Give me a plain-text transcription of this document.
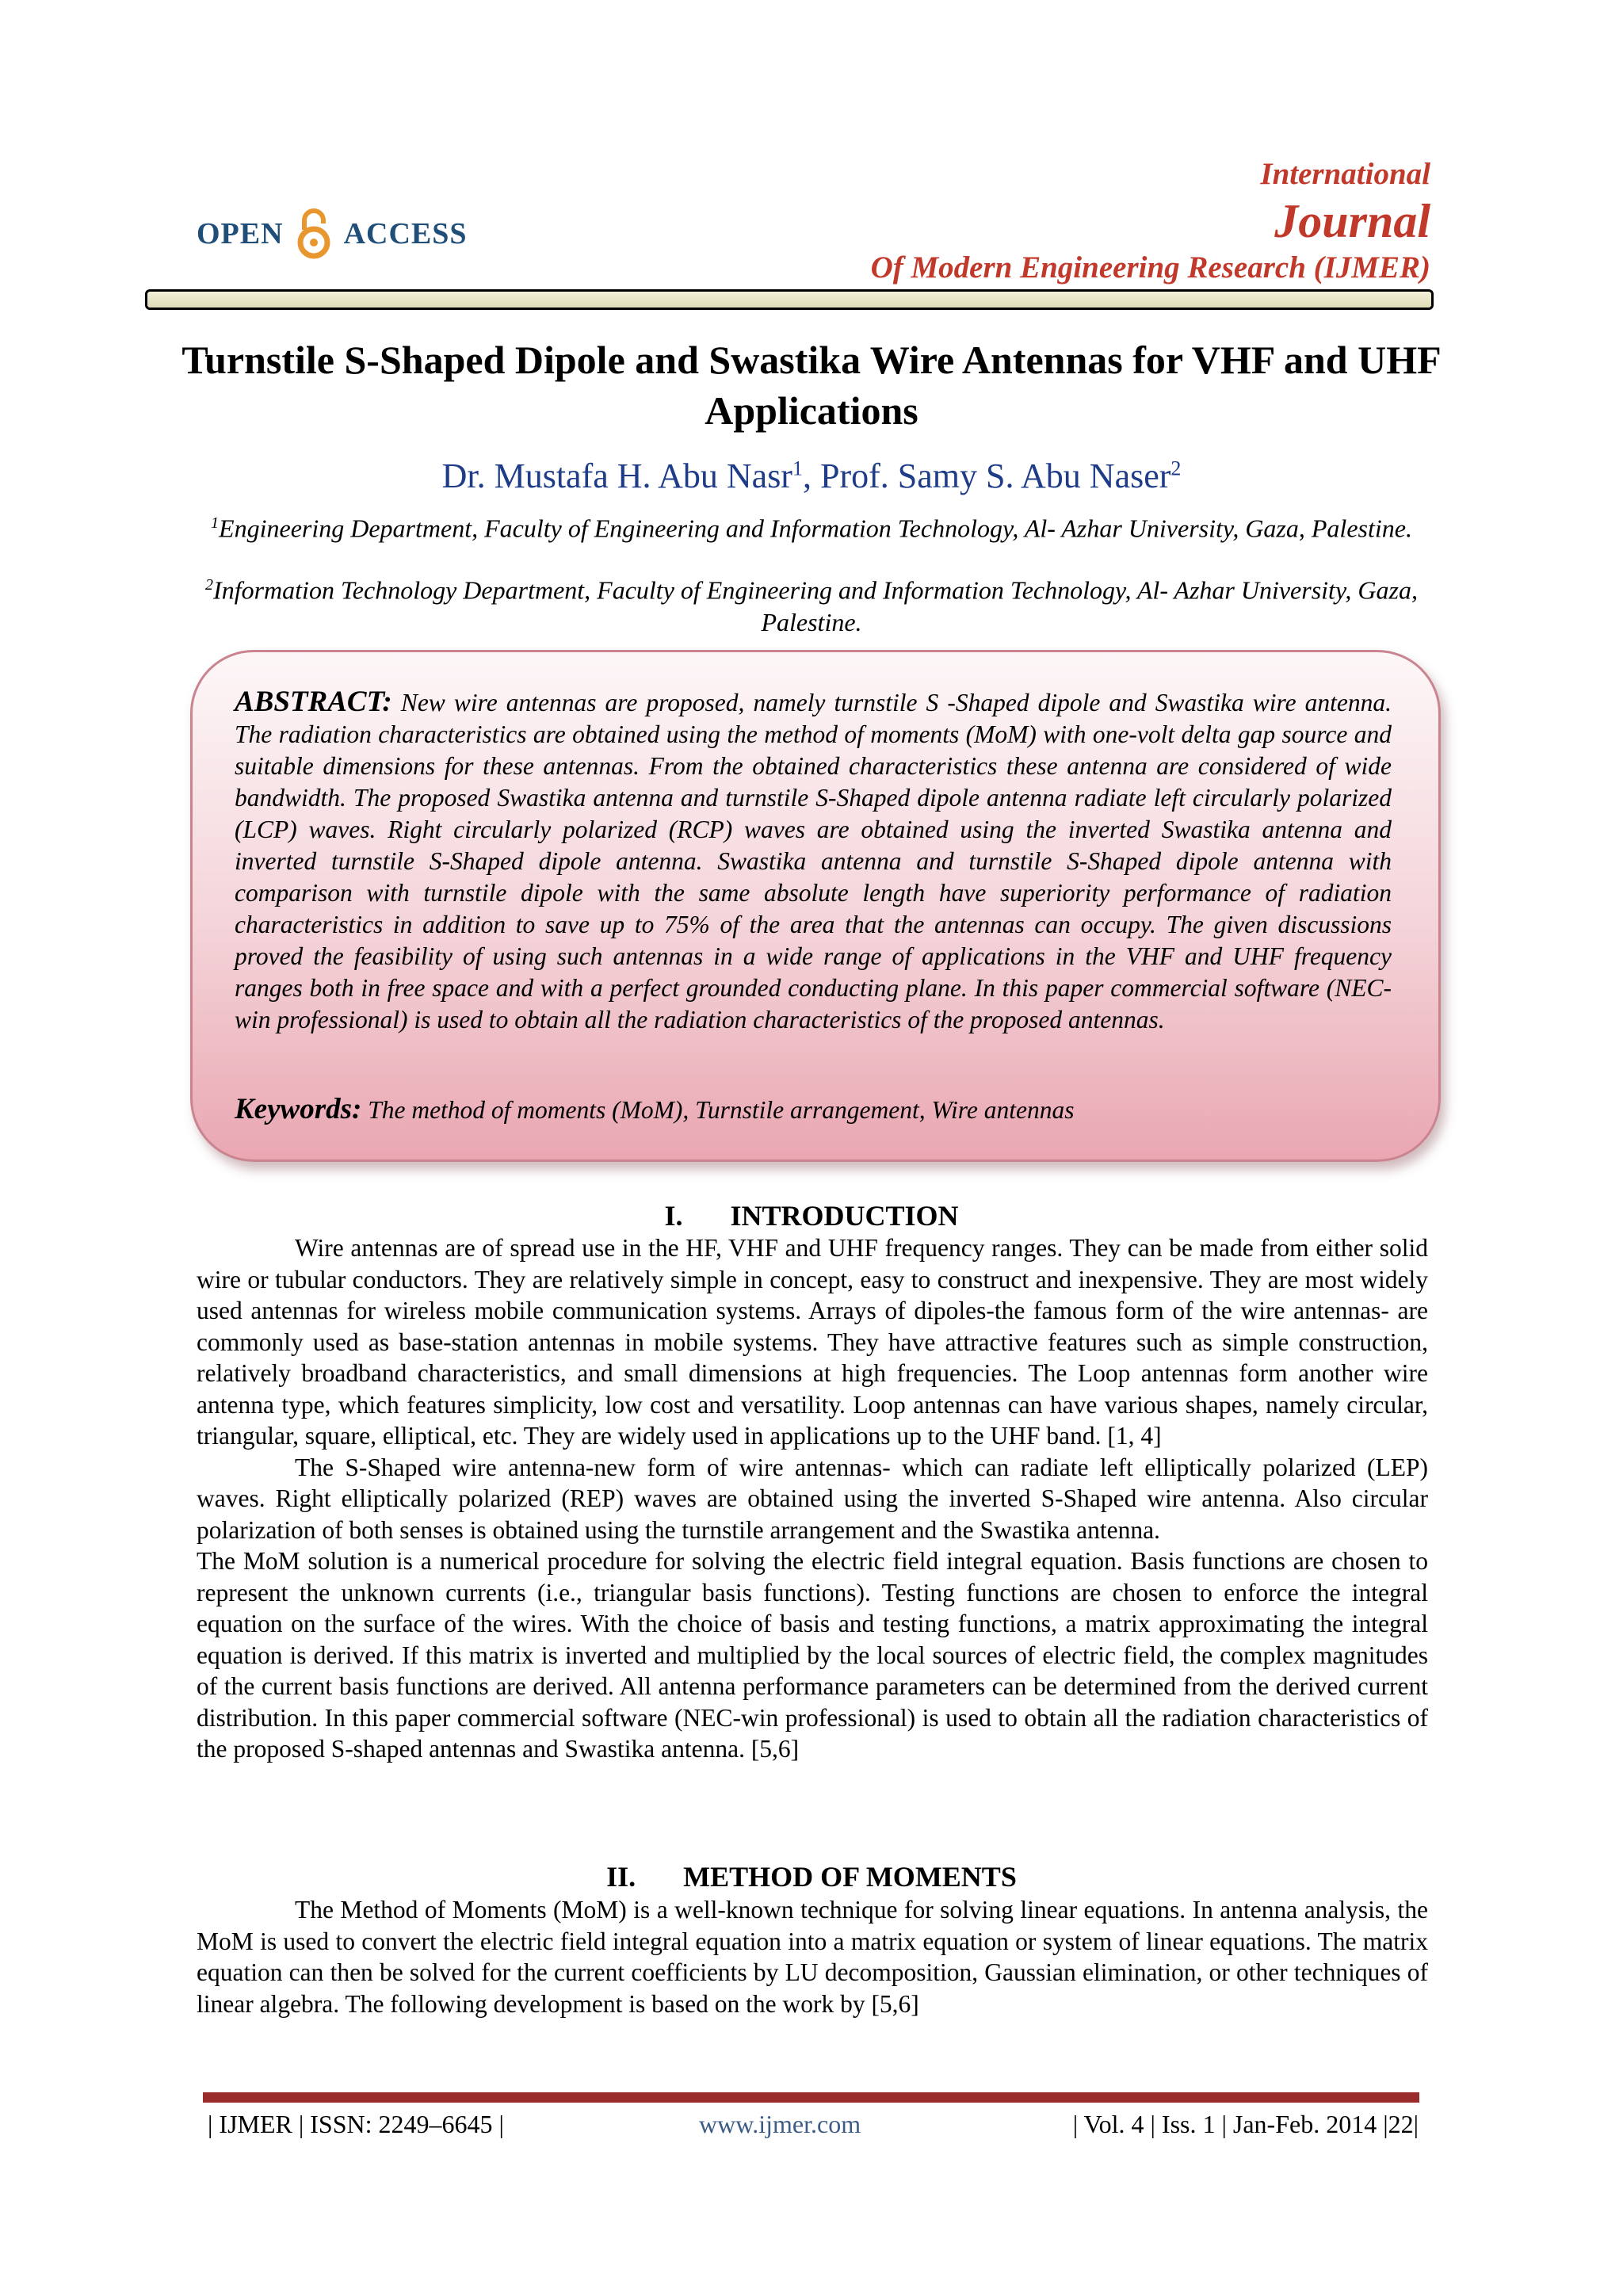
OPEN ACCESS
International
Journal
Of Modern Engineering Research (IJMER)
Turnstile S-Shaped Dipole and Swastika Wire Antennas for VHF and UHF Applications
Dr. Mustafa H. Abu Nasr$^1$, Prof. Samy S. Abu Naser$^2$
$^1$Engineering Department, Faculty of Engineering and Information Technology, Al- Azhar University, Gaza, Palestine.
$^2$Information Technology Department, Faculty of Engineering and Information Technology, Al- Azhar University, Gaza, Palestine.
ABSTRACT: New wire antennas are proposed, namely turnstile S -Shaped dipole and Swastika wire antenna. The radiation characteristics are obtained using the method of moments (MoM) with one-volt delta gap source and suitable dimensions for these antennas. From the obtained characteristics these antenna are considered of wide bandwidth. The proposed Swastika antenna and turnstile S-Shaped dipole antenna radiate left circularly polarized (LCP) waves. Right circularly polarized (RCP) waves are obtained using the inverted Swastika antenna and inverted turnstile S-Shaped dipole antenna. Swastika antenna and turnstile S-Shaped dipole antenna with comparison with turnstile dipole with the same absolute length have superiority performance of radiation characteristics in addition to save up to 75% of the area that the antennas can occupy. The given discussions proved the feasibility of using such antennas in a wide range of applications in the VHF and UHF frequency ranges both in free space and with a perfect grounded conducting plane. In this paper commercial software (NEC-win professional) is used to obtain all the radiation characteristics of the proposed antennas.
Keywords: The method of moments (MoM), Turnstile arrangement, Wire antennas
I. INTRODUCTION

Wire antennas are of spread use in the HF, VHF and UHF frequency ranges. They can be made from either solid wire or tubular conductors. They are relatively simple in concept, easy to construct and inexpensive. They are most widely used antennas for wireless mobile communication systems. Arrays of dipoles-the famous form of the wire antennas- are commonly used as base-station antennas in mobile systems. They have attractive features such as simple construction, relatively broadband characteristics, and small dimensions at high frequencies. The Loop antennas form another wire antenna type, which features simplicity, low cost and versatility. Loop antennas can have various shapes, namely circular, triangular, square, elliptical, etc. They are widely used in applications up to the UHF band. [1, 4]

The S-Shaped wire antenna-new form of wire antennas- which can radiate left elliptically polarized (LEP) waves. Right elliptically polarized (REP) waves are obtained using the inverted S-Shaped wire antenna. Also circular polarization of both senses is obtained using the turnstile arrangement and the Swastika antenna.

The MoM solution is a numerical procedure for solving the electric field integral equation. Basis functions are chosen to represent the unknown currents (i.e., triangular basis functions). Testing functions are chosen to enforce the integral equation on the surface of the wires. With the choice of basis and testing functions, a matrix approximating the integral equation is derived. If this matrix is inverted and multiplied by the local sources of electric field, the complex magnitudes of the current basis functions are derived. All antenna performance parameters can be determined from the derived current distribution. In this paper commercial software (NEC-win professional) is used to obtain all the radiation characteristics of the proposed S-shaped antennas and Swastika antenna. [5,6]

II. METHOD OF MOMENTS

The Method of Moments (MoM) is a well-known technique for solving linear equations. In antenna analysis, the MoM is used to convert the electric field integral equation into a matrix equation or system of linear equations. The matrix equation can then be solved for the current coefficients by LU decomposition, Gaussian elimination, or other techniques of linear algebra. The following development is based on the work by [5,6]

| IJMER | ISSN: 2249–6645 |	www.ijmer.com	| Vol. 4 | Iss. 1 | Jan-Feb. 2014 |22|
